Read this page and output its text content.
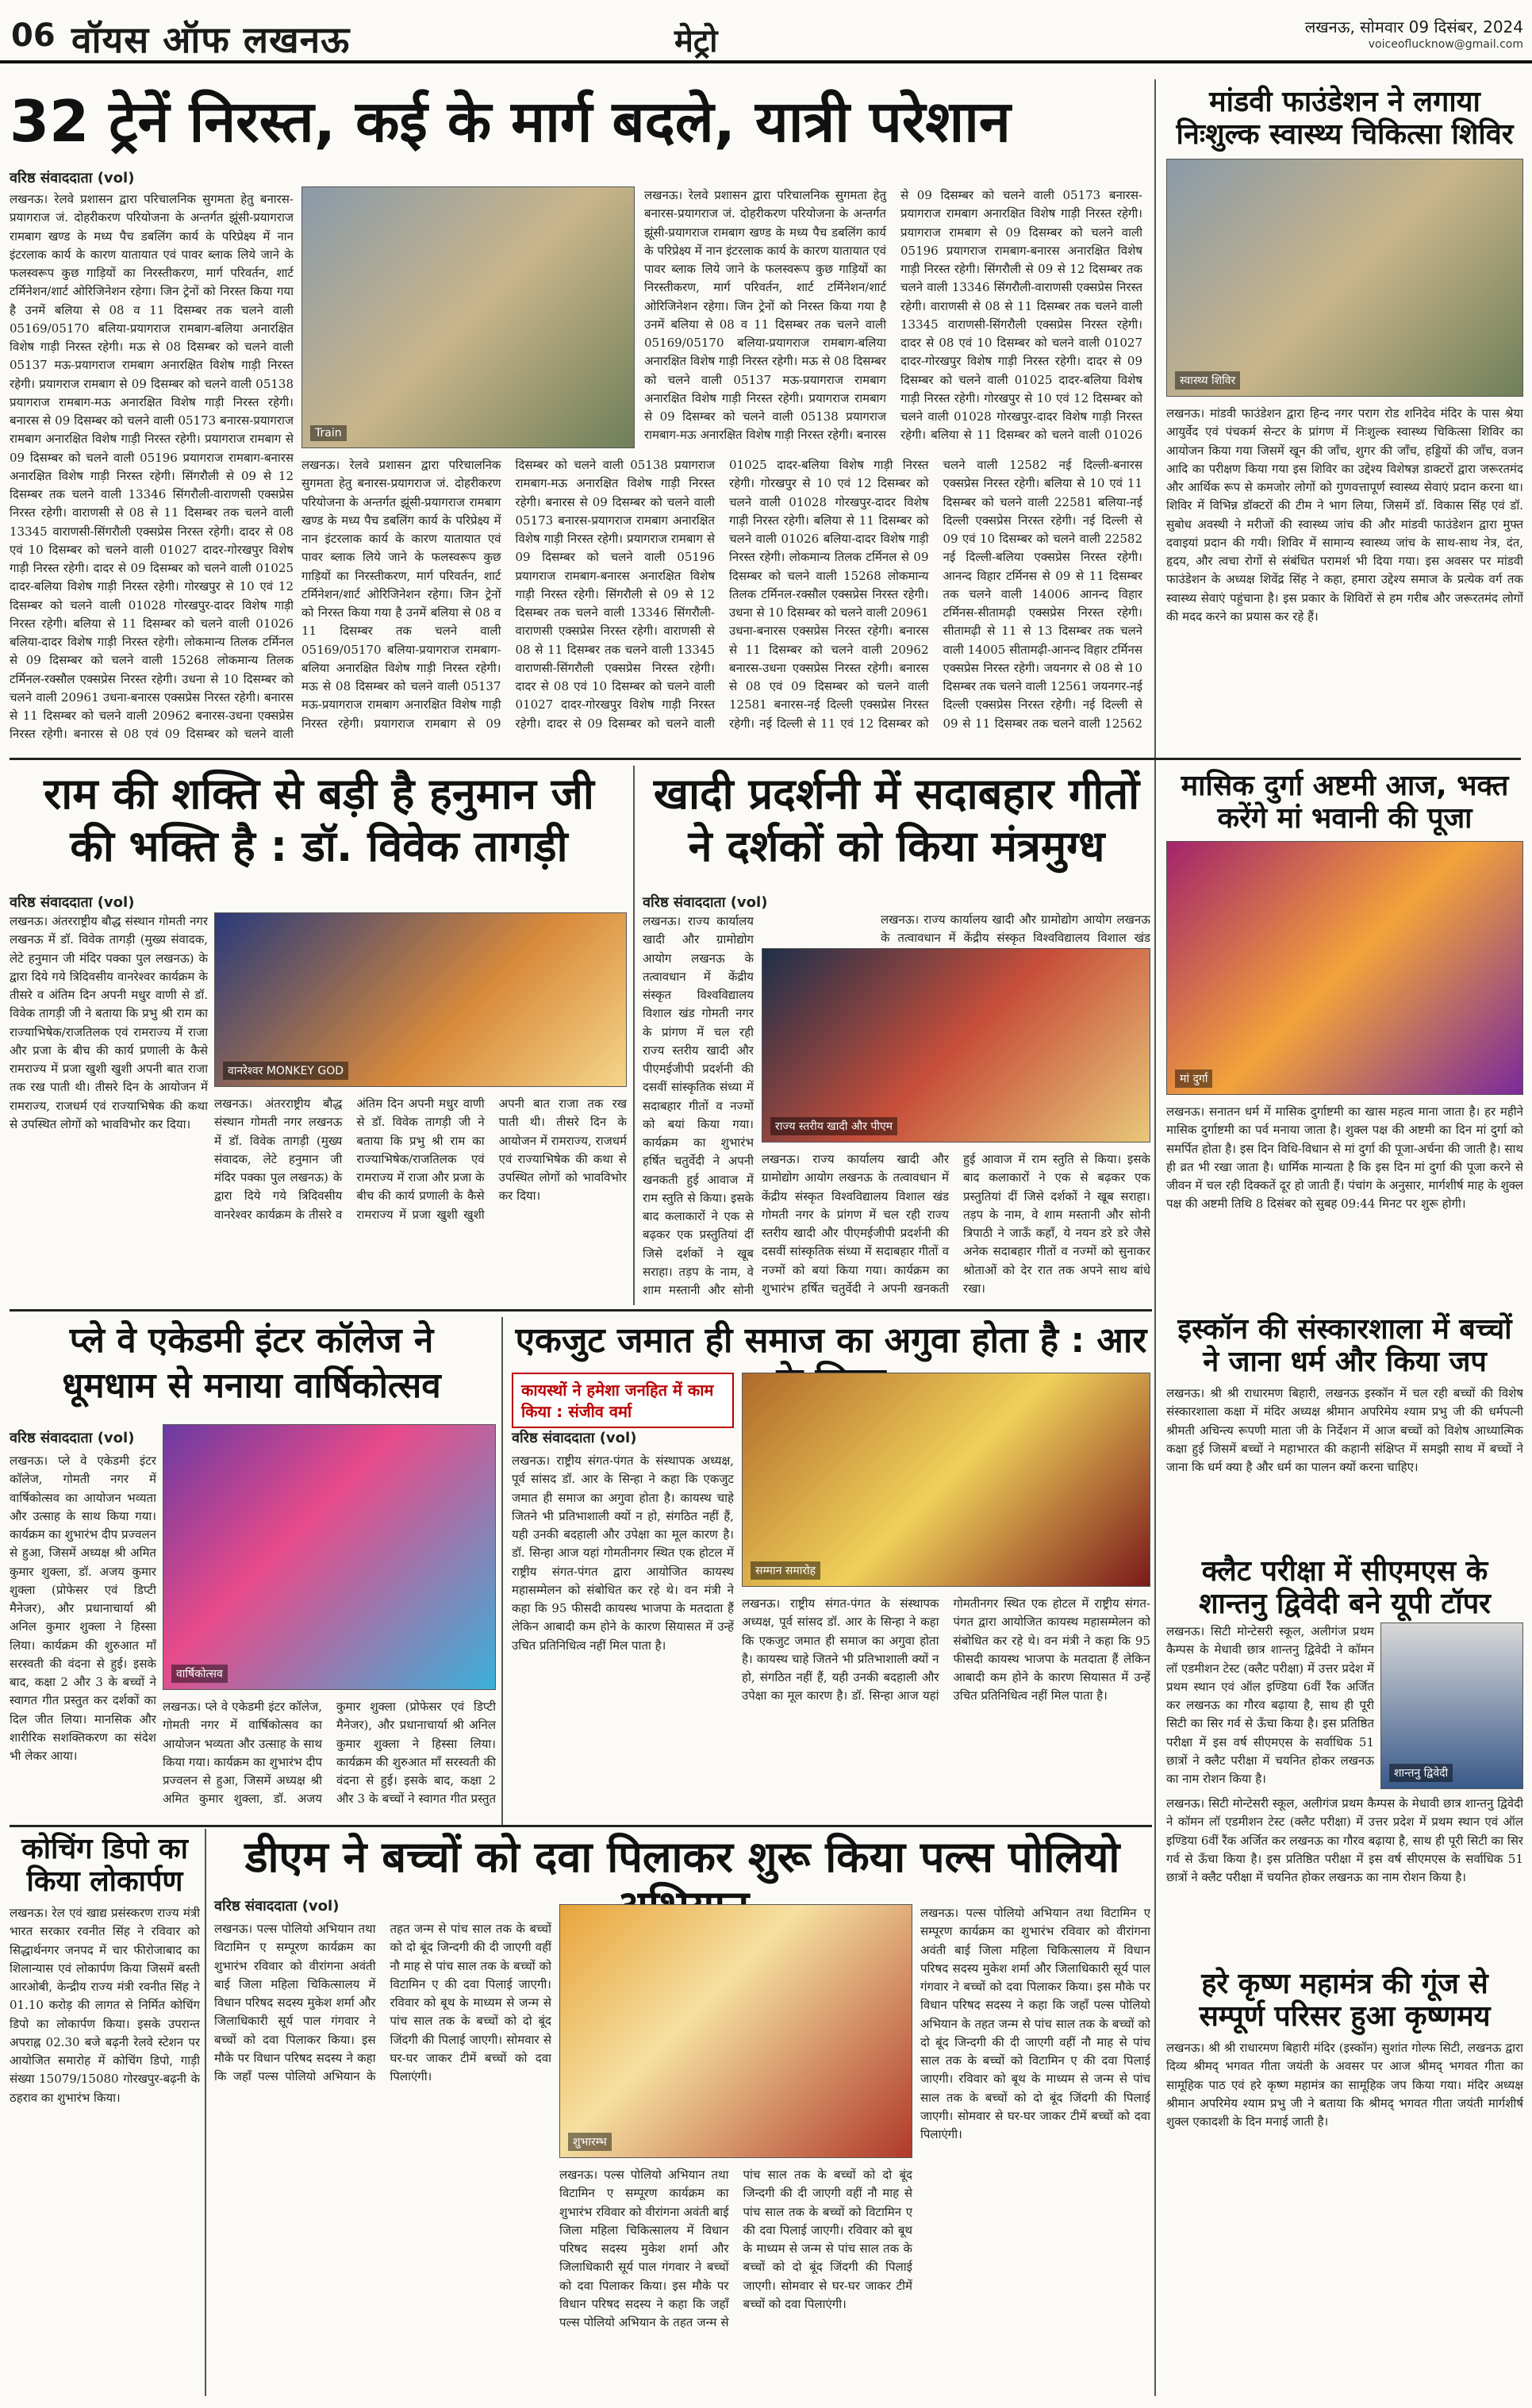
06 वॉयस ऑफ लखनऊ	मेट्रो	लखनऊ, सोमवार 09 दिसंबर, 2024
voiceoflucknow@gmail.com
32 ट्रेनें निरस्त, कई के मार्ग बदले, यात्री परेशान
वरिष्ठ संवाददाता (vol)
Train
लखनऊ। रेलवे प्रशासन द्वारा परिचालनिक सुगमता हेतु बनारस-प्रयागराज जं. दोहरीकरण परियोजना के अन्तर्गत झूंसी-प्रयागराज रामबाग खण्ड के मध्य पैच डबलिंग कार्य के परिप्रेक्ष्य में नान इंटरलाक कार्य के कारण यातायात एवं पावर ब्लाक लिये जाने के फलस्वरूप कुछ गाड़ियों का निरस्तीकरण, मार्ग परिवर्तन, शार्ट टर्मिनेशन/शार्ट ओरिजिनेशन रहेगा। जिन ट्रेनों को निरस्त किया गया है उनमें बलिया से 08 व 11 दिसम्बर तक चलने वाली 05169/05170 बलिया-प्रयागराज रामबाग-बलिया अनारक्षित विशेष गाड़ी निरस्त रहेगी। मऊ से 08 दिसम्बर को चलने वाली 05137 मऊ-प्रयागराज रामबाग अनारक्षित विशेष गाड़ी निरस्त रहेगी। प्रयागराज रामबाग से 09 दिसम्बर को चलने वाली 05138 प्रयागराज रामबाग-मऊ अनारक्षित विशेष गाड़ी निरस्त रहेगी। बनारस से 09 दिसम्बर को चलने वाली 05173 बनारस-प्रयागराज रामबाग अनारक्षित विशेष गाड़ी निरस्त रहेगी। प्रयागराज रामबाग से 09 दिसम्बर को चलने वाली 05196 प्रयागराज रामबाग-बनारस अनारक्षित विशेष गाड़ी निरस्त रहेगी। सिंगरौली से 09 से 12 दिसम्बर तक चलने वाली 13346 सिंगरौली-वाराणसी एक्सप्रेस निरस्त रहेगी। वाराणसी से 08 से 11 दिसम्बर तक चलने वाली 13345 वाराणसी-सिंगरौली एक्सप्रेस निरस्त रहेगी। दादर से 08 एवं 10 दिसम्बर को चलने वाली 01027 दादर-गोरखपुर विशेष गाड़ी निरस्त रहेगी। दादर से 09 दिसम्बर को चलने वाली 01025 दादर-बलिया विशेष गाड़ी निरस्त रहेगी। गोरखपुर से 10 एवं 12 दिसम्बर को चलने वाली 01028 गोरखपुर-दादर विशेष गाड़ी निरस्त रहेगी। बलिया से 11 दिसम्बर को चलने वाली 01026 बलिया-दादर विशेष गाड़ी निरस्त रहेगी। लोकमान्य तिलक टर्मिनल से 09 दिसम्बर को चलने वाली 15268 लोकमान्य तिलक टर्मिनल-रक्सौल एक्सप्रेस निरस्त रहेगी। उधना से 10 दिसम्बर को चलने वाली 20961 उधना-बनारस एक्सप्रेस निरस्त रहेगी। बनारस से 11 दिसम्बर को चलने वाली 20962 बनारस-उधना एक्सप्रेस निरस्त रहेगी। बनारस से 08 एवं 09 दिसम्बर को चलने वाली
लखनऊ। रेलवे प्रशासन द्वारा परिचालनिक सुगमता हेतु बनारस-प्रयागराज जं. दोहरीकरण परियोजना के अन्तर्गत झूंसी-प्रयागराज रामबाग खण्ड के मध्य पैच डबलिंग कार्य के परिप्रेक्ष्य में नान इंटरलाक कार्य के कारण यातायात एवं पावर ब्लाक लिये जाने के फलस्वरूप कुछ गाड़ियों का निरस्तीकरण, मार्ग परिवर्तन, शार्ट टर्मिनेशन/शार्ट ओरिजिनेशन रहेगा। जिन ट्रेनों को निरस्त किया गया है उनमें बलिया से 08 व 11 दिसम्बर तक चलने वाली 05169/05170 बलिया-प्रयागराज रामबाग-बलिया अनारक्षित विशेष गाड़ी निरस्त रहेगी। मऊ से 08 दिसम्बर को चलने वाली 05137 मऊ-प्रयागराज रामबाग अनारक्षित विशेष गाड़ी निरस्त रहेगी। प्रयागराज रामबाग से 09 दिसम्बर को चलने वाली 05138 प्रयागराज रामबाग-मऊ अनारक्षित विशेष गाड़ी निरस्त रहेगी। बनारस से 09 दिसम्बर को चलने वाली 05173 बनारस-प्रयागराज रामबाग अनारक्षित विशेष गाड़ी निरस्त रहेगी। प्रयागराज रामबाग से 09 दिसम्बर को चलने वाली 05196 प्रयागराज रामबाग-बनारस अनारक्षित विशेष गाड़ी निरस्त रहेगी। सिंगरौली से 09 से 12 दिसम्बर तक चलने वाली 13346 सिंगरौली-वाराणसी एक्सप्रेस निरस्त रहेगी। वाराणसी से 08 से 11 दिसम्बर तक चलने वाली 13345 वाराणसी-सिंगरौली एक्सप्रेस निरस्त रहेगी। दादर से 08 एवं 10 दिसम्बर को चलने वाली 01027 दादर-गोरखपुर विशेष गाड़ी निरस्त रहेगी। दादर से 09 दिसम्बर को चलने वाली 01025 दादर-बलिया विशेष गाड़ी निरस्त रहेगी। गोरखपुर से 10 एवं 12 दिसम्बर को चलने वाली 01028 गोरखपुर-दादर विशेष गाड़ी निरस्त रहेगी। बलिया से 11 दिसम्बर को चलने वाली 01026 बलिया-दादर विशेष गाड़ी निरस्त रहेगी। लोकमान्य तिलक टर्मिनल से 09 दिसम्बर को चलने वाली 15268 लोकमान्य तिलक टर्मिनल-रक्सौल एक्सप्रेस निरस्त रहेगी। उधना से 10 दिसम्बर को चलने वाली 20961 उधना-बनारस एक्सप्रेस निरस्त रहेगी। बनारस से 11 दिसम्बर को चलने वाली 20962 बनारस-उधना एक्सप्रेस निरस्त रहेगी। बनारस से 08 एवं 09 दिसम्बर को चलने वाली 12581 बनारस-नई दिल्ली एक्सप्रेस निरस्त रहेगी। नई दिल्ली से 11 एवं 12 दिसम्बर को चलने वाली 12582 नई दिल्ली-बनारस एक्सप्रेस निरस्त रहेगी। बलिया से 10 एवं 11 दिसम्बर को चलने वाली 22581 बलिया-नई दिल्ली एक्सप्रेस निरस्त रहेगी। नई दिल्ली से 09 एवं 10 दिसम्बर को चलने वाली 22582 नई दिल्ली-बलिया एक्सप्रेस निरस्त रहेगी। आनन्द विहार टर्मिनस से 09 से 11 दिसम्बर तक चलने वाली 14006 आनन्द विहार टर्मिनस-सीतामढ़ी एक्सप्रेस निरस्त रहेगी। सीतामढ़ी से 11 से 13 दिसम्बर तक चलने वाली 14005 सीतामढ़ी-आनन्द विहार टर्मिनस एक्सप्रेस निरस्त रहेगी। जयनगर से 08 से 10 दिसम्बर तक चलने वाली 12561 जयनगर-नई दिल्ली एक्सप्रेस निरस्त रहेगी। नई दिल्ली से 09 से 11 दिसम्बर तक चलने वाली 12562
लखनऊ। रेलवे प्रशासन द्वारा परिचालनिक सुगमता हेतु बनारस-प्रयागराज जं. दोहरीकरण परियोजना के अन्तर्गत झूंसी-प्रयागराज रामबाग खण्ड के मध्य पैच डबलिंग कार्य के परिप्रेक्ष्य में नान इंटरलाक कार्य के कारण यातायात एवं पावर ब्लाक लिये जाने के फलस्वरूप कुछ गाड़ियों का निरस्तीकरण, मार्ग परिवर्तन, शार्ट टर्मिनेशन/शार्ट ओरिजिनेशन रहेगा। जिन ट्रेनों को निरस्त किया गया है उनमें बलिया से 08 व 11 दिसम्बर तक चलने वाली 05169/05170 बलिया-प्रयागराज रामबाग-बलिया अनारक्षित विशेष गाड़ी निरस्त रहेगी। मऊ से 08 दिसम्बर को चलने वाली 05137 मऊ-प्रयागराज रामबाग अनारक्षित विशेष गाड़ी निरस्त रहेगी। प्रयागराज रामबाग से 09 दिसम्बर को चलने वाली 05138 प्रयागराज रामबाग-मऊ अनारक्षित विशेष गाड़ी निरस्त रहेगी। बनारस से 09 दिसम्बर को चलने वाली 05173 बनारस-प्रयागराज रामबाग अनारक्षित विशेष गाड़ी निरस्त रहेगी। प्रयागराज रामबाग से 09 दिसम्बर को चलने वाली 05196 प्रयागराज रामबाग-बनारस अनारक्षित विशेष गाड़ी निरस्त रहेगी। सिंगरौली से 09 से 12 दिसम्बर तक चलने वाली 13346 सिंगरौली-वाराणसी एक्सप्रेस निरस्त रहेगी। वाराणसी से 08 से 11 दिसम्बर तक चलने वाली 13345 वाराणसी-सिंगरौली एक्सप्रेस निरस्त रहेगी। दादर से 08 एवं 10 दिसम्बर को चलने वाली 01027 दादर-गोरखपुर विशेष गाड़ी निरस्त रहेगी। दादर से 09 दिसम्बर को चलने वाली 01025 दादर-बलिया विशेष गाड़ी निरस्त रहेगी। गोरखपुर से 10 एवं 12 दिसम्बर को चलने वाली 01028 गोरखपुर-दादर विशेष गाड़ी निरस्त रहेगी। बलिया से 11 दिसम्बर को चलने वाली 01026
मांडवी फाउंडेशन ने लगाया निःशुल्क स्वास्थ्य चिकित्सा शिविर
स्वास्थ्य शिविर
लखनऊ। मांडवी फाउंडेशन द्वारा हिन्द नगर पराग रोड शनिदेव मंदिर के पास श्रेया आयुर्वेद एवं पंचकर्म सेन्टर के प्रांगण में निःशुल्क स्वास्थ्य चिकित्सा शिविर का आयोजन किया गया जिसमें खून की जाँच, शुगर की जाँच, हड्डियों की जाँच, वजन आदि का परीक्षण किया गया इस शिविर का उद्देश्य विशेषज्ञ डाक्टरों द्वारा जरूरतमंद और आर्थिक रूप से कमजोर लोगों को गुणवत्तापूर्ण स्वास्थ्य सेवाएं प्रदान करना था। शिविर में विभिन्न डॉक्टरों की टीम ने भाग लिया, जिसमें डॉ. विकास सिंह एवं डॉ. सुबोध अवस्थी ने मरीजों की स्वास्थ्य जांच की और मांडवी फाउंडेशन द्वारा मुफ्त दवाइयां प्रदान की गयी। शिविर में सामान्य स्वास्थ्य जांच के साथ-साथ नेत्र, दंत, हृदय, और त्वचा रोगों से संबंधित परामर्श भी दिया गया। इस अवसर पर मांडवी फाउंडेशन के अध्यक्ष शिवेंद्र सिंह ने कहा, हमारा उद्देश्य समाज के प्रत्येक वर्ग तक स्वास्थ्य सेवाएं पहुंचाना है। इस प्रकार के शिविरों से हम गरीब और जरूरतमंद लोगों की मदद करने का प्रयास कर रहे हैं।
मासिक दुर्गा अष्टमी आज, भक्त करेंगे मां भवानी की पूजा
मां दुर्गा
लखनऊ। सनातन धर्म में मासिक दुर्गाष्टमी का खास महत्व माना जाता है। हर महीने मासिक दुर्गाष्टमी का पर्व मनाया जाता है। शुक्ल पक्ष की अष्टमी का दिन मां दुर्गा को समर्पित होता है। इस दिन विधि-विधान से मां दुर्गा की पूजा-अर्चना की जाती है। साथ ही व्रत भी रखा जाता है। धार्मिक मान्यता है कि इस दिन मां दुर्गा की पूजा करने से जीवन में चल रही दिक्कतें दूर हो जाती हैं। पंचांग के अनुसार, मार्गशीर्ष माह के शुक्ल पक्ष की अष्टमी तिथि 8 दिसंबर को सुबह 09:44 मिनट पर शुरू होगी।
राम की शक्ति से बड़ी है हनुमान जी
की भक्ति है : डॉ. विवेक तागड़ी
वरिष्ठ संवाददाता (vol)
वानरेश्वर MONKEY GOD
लखनऊ। अंतरराष्ट्रीय बौद्ध संस्थान गोमती नगर लखनऊ में डॉ. विवेक तागड़ी (मुख्य संवादक, लेटे हनुमान जी मंदिर पक्का पुल लखनऊ) के द्वारा दिये गये त्रिदिवसीय वानरेश्वर कार्यक्रम के तीसरे व अंतिम दिन अपनी मधुर वाणी से डॉ. विवेक तागड़ी जी ने बताया कि प्रभु श्री राम का राज्याभिषेक/राजतिलक एवं रामराज्य में राजा और प्रजा के बीच की कार्य प्रणाली के कैसे रामराज्य में प्रजा खुशी खुशी अपनी बात राजा तक रख पाती थी। तीसरे दिन के आयोजन में रामराज्य, राजधर्म एवं राज्याभिषेक की कथा से उपस्थित लोगों को भावविभोर कर दिया।
लखनऊ। अंतरराष्ट्रीय बौद्ध संस्थान गोमती नगर लखनऊ में डॉ. विवेक तागड़ी (मुख्य संवादक, लेटे हनुमान जी मंदिर पक्का पुल लखनऊ) के द्वारा दिये गये त्रिदिवसीय वानरेश्वर कार्यक्रम के तीसरे व अंतिम दिन अपनी मधुर वाणी से डॉ. विवेक तागड़ी जी ने बताया कि प्रभु श्री राम का राज्याभिषेक/राजतिलक एवं रामराज्य में राजा और प्रजा के बीच की कार्य प्रणाली के कैसे रामराज्य में प्रजा खुशी खुशी अपनी बात राजा तक रख पाती थी। तीसरे दिन के आयोजन में रामराज्य, राजधर्म एवं राज्याभिषेक की कथा से उपस्थित लोगों को भावविभोर कर दिया।
खादी प्रदर्शनी में सदाबहार गीतों
ने दर्शकों को किया मंत्रमुग्ध
वरिष्ठ संवाददाता (vol)
राज्य स्तरीय खादी और पीएम
लखनऊ। राज्य कार्यालय खादी और ग्रामोद्योग आयोग लखनऊ के तत्वावधान में केंद्रीय संस्कृत विश्वविद्यालय विशाल खंड गोमती नगर के प्रांगण में चल रही राज्य स्तरीय खादी और पीएमईजीपी प्रदर्शनी की दसवीं सांस्कृतिक संध्या में सदाबहार गीतों व नज्मों को बयां किया गया। कार्यक्रम का शुभारंभ हर्षित चतुर्वेदी ने अपनी खनकती हुई आवाज में राम स्तुति से किया। इसके बाद कलाकारों ने एक से बढ़कर एक प्रस्तुतियां दीं जिसे दर्शकों ने खूब सराहा। तड़प के नाम, वे शाम मस्तानी और सोनी
लखनऊ। राज्य कार्यालय खादी और ग्रामोद्योग आयोग लखनऊ के तत्वावधान में केंद्रीय संस्कृत विश्वविद्यालय विशाल खंड
लखनऊ। राज्य कार्यालय खादी और ग्रामोद्योग आयोग लखनऊ के तत्वावधान में केंद्रीय संस्कृत विश्वविद्यालय विशाल खंड गोमती नगर के प्रांगण में चल रही राज्य स्तरीय खादी और पीएमईजीपी प्रदर्शनी की दसवीं सांस्कृतिक संध्या में सदाबहार गीतों व नज्मों को बयां किया गया। कार्यक्रम का शुभारंभ हर्षित चतुर्वेदी ने अपनी खनकती हुई आवाज में राम स्तुति से किया। इसके बाद कलाकारों ने एक से बढ़कर एक प्रस्तुतियां दीं जिसे दर्शकों ने खूब सराहा। तड़प के नाम, वे शाम मस्तानी और सोनी त्रिपाठी ने जाऊँ कहाँ, ये नयन डरे डरे जैसे अनेक सदाबहार गीतों व नज्मों को सुनाकर श्रोताओं को देर रात तक अपने साथ बांधे रखा।
इस्कॉन की संस्कारशाला में बच्चों ने जाना धर्म और किया जप
लखनऊ। श्री श्री राधारमण बिहारी, लखनऊ इस्कॉन में चल रही बच्चों की विशेष संस्कारशाला कक्षा में मंदिर अध्यक्ष श्रीमान अपरिमेय श्याम प्रभु जी की धर्मपत्नी श्रीमती अचिन्त्य रूपणी माता जी के निर्देशन में आज बच्चों को विशेष आध्यात्मिक कक्षा हुई जिसमें बच्चों ने महाभारत की कहानी संक्षिप्त में समझी साथ में बच्चों ने जाना कि धर्म क्या है और धर्म का पालन क्यों करना चाहिए।
क्लैट परीक्षा में सीएमएस के शान्तनु द्विवेदी बने यूपी टॉपर
शान्तनु द्विवेदी
लखनऊ। सिटी मोन्टेसरी स्कूल, अलीगंज प्रथम कैम्पस के मेधावी छात्र शान्तनु द्विवेदी ने कॉमन लॉ एडमीशन टेस्ट (क्लैट परीक्षा) में उत्तर प्रदेश में प्रथम स्थान एवं ऑल इण्डिया 6वीं रैंक अर्जित कर लखनऊ का गौरव बढ़ाया है, साथ ही पूरी सिटी का सिर गर्व से ऊँचा किया है। इस प्रतिष्ठित परीक्षा में इस वर्ष सीएमएस के सर्वाधिक 51 छात्रों ने क्लैट परीक्षा में चयनित होकर लखनऊ का नाम रोशन किया है।
लखनऊ। सिटी मोन्टेसरी स्कूल, अलीगंज प्रथम कैम्पस के मेधावी छात्र शान्तनु द्विवेदी ने कॉमन लॉ एडमीशन टेस्ट (क्लैट परीक्षा) में उत्तर प्रदेश में प्रथम स्थान एवं ऑल इण्डिया 6वीं रैंक अर्जित कर लखनऊ का गौरव बढ़ाया है, साथ ही पूरी सिटी का सिर गर्व से ऊँचा किया है। इस प्रतिष्ठित परीक्षा में इस वर्ष सीएमएस के सर्वाधिक 51 छात्रों ने क्लैट परीक्षा में चयनित होकर लखनऊ का नाम रोशन किया है।
हरे कृष्ण महामंत्र की गूंज से सम्पूर्ण परिसर हुआ कृष्णमय
लखनऊ। श्री श्री राधारमण बिहारी मंदिर (इस्कॉन) सुशांत गोल्फ सिटी, लखनऊ द्वारा दिव्य श्रीमद् भगवत गीता जयंती के अवसर पर आज श्रीमद् भगवत गीता का सामूहिक पाठ एवं हरे कृष्ण महामंत्र का सामूहिक जप किया गया। मंदिर अध्यक्ष श्रीमान अपरिमेय श्याम प्रभु जी ने बताया कि श्रीमद् भगवत गीता जयंती मार्गशीर्ष शुक्ल एकादशी के दिन मनाई जाती है।
प्ले वे एकेडमी इंटर कॉलेज ने
धूमधाम से मनाया वार्षिकोत्सव
वरिष्ठ संवाददाता (vol)
वार्षिकोत्सव
लखनऊ। प्ले वे एकेडमी इंटर कॉलेज, गोमती नगर में वार्षिकोत्सव का आयोजन भव्यता और उत्साह के साथ किया गया। कार्यक्रम का शुभारंभ दीप प्रज्वलन से हुआ, जिसमें अध्यक्ष श्री अमित कुमार शुक्ला, डॉ. अजय कुमार शुक्ला (प्रोफेसर एवं डिप्टी मैनेजर), और प्रधानाचार्या श्री अनिल कुमार शुक्ला ने हिस्सा लिया। कार्यक्रम की शुरुआत माँ सरस्वती की वंदना से हुई। इसके बाद, कक्षा 2 और 3 के बच्चों ने स्वागत गीत प्रस्तुत कर दर्शकों का दिल जीत लिया। मानसिक और शारीरिक सशक्तिकरण का संदेश भी लेकर आया।
लखनऊ। प्ले वे एकेडमी इंटर कॉलेज, गोमती नगर में वार्षिकोत्सव का आयोजन भव्यता और उत्साह के साथ किया गया। कार्यक्रम का शुभारंभ दीप प्रज्वलन से हुआ, जिसमें अध्यक्ष श्री अमित कुमार शुक्ला, डॉ. अजय कुमार शुक्ला (प्रोफेसर एवं डिप्टी मैनेजर), और प्रधानाचार्या श्री अनिल कुमार शुक्ला ने हिस्सा लिया। कार्यक्रम की शुरुआत माँ सरस्वती की वंदना से हुई। इसके बाद, कक्षा 2 और 3 के बच्चों ने स्वागत गीत प्रस्तुत
एकजुट जमात ही समाज का अगुवा होता है : आर
कायस्थों ने हमेशा जनहित में काम किया : संजीव वर्मा
वरिष्ठ संवाददाता (vol)
सम्मान समारोह
लखनऊ। राष्ट्रीय संगत-पंगत के संस्थापक अध्यक्ष, पूर्व सांसद डॉ. आर के सिन्हा ने कहा कि एकजुट जमात ही समाज का अगुवा होता है। कायस्थ चाहे जितने भी प्रतिभाशाली क्यों न हो, संगठित नहीं हैं, यही उनकी बदहाली और उपेक्षा का मूल कारण है। डॉ. सिन्हा आज यहां गोमतीनगर स्थित एक होटल में राष्ट्रीय संगत-पंगत द्वारा आयोजित कायस्थ महासम्मेलन को संबोधित कर रहे थे। वन मंत्री ने कहा कि 95 फीसदी कायस्थ भाजपा के मतदाता हैं लेकिन आबादी कम होने के कारण सियासत में उन्हें उचित प्रतिनिधित्व नहीं मिल पाता है।
लखनऊ। राष्ट्रीय संगत-पंगत के संस्थापक अध्यक्ष, पूर्व सांसद डॉ. आर के सिन्हा ने कहा कि एकजुट जमात ही समाज का अगुवा होता है। कायस्थ चाहे जितने भी प्रतिभाशाली क्यों न हो, संगठित नहीं हैं, यही उनकी बदहाली और उपेक्षा का मूल कारण है। डॉ. सिन्हा आज यहां गोमतीनगर स्थित एक होटल में राष्ट्रीय संगत-पंगत द्वारा आयोजित कायस्थ महासम्मेलन को संबोधित कर रहे थे। वन मंत्री ने कहा कि 95 फीसदी कायस्थ भाजपा के मतदाता हैं लेकिन आबादी कम होने के कारण सियासत में उन्हें उचित प्रतिनिधित्व नहीं मिल पाता है।
कोचिंग डिपो का किया लोकार्पण
लखनऊ। रेल एवं खाद्य प्रसंस्करण राज्य मंत्री भारत सरकार रवनीत सिंह ने रविवार को सिद्धार्थनगर जनपद में चार फीरोजाबाद का शिलान्यास एवं लोकार्पण किया जिसमें बस्ती आरओबी, केन्द्रीय राज्य मंत्री रवनीत सिंह ने 01.10 करोड़ की लागत से निर्मित कोचिंग डिपो का लोकार्पण किया। इसके उपरान्त अपराह्न 02.30 बजे बढ़नी रेलवे स्टेशन पर आयोजित समारोह में कोचिंग डिपो, गाड़ी संख्या 15079/15080 गोरखपुर-बढ़नी के ठहराव का शुभारंभ किया।
डीएम ने बच्चों को दवा पिलाकर शुरू किया पल्स पोलियो
वरिष्ठ संवाददाता (vol)
शुभारम्भ
लखनऊ। पल्स पोलियो अभियान तथा विटामिन ए सम्पूरण कार्यक्रम का शुभारंभ रविवार को वीरांगना अवंती बाई जिला महिला चिकित्सालय में विधान परिषद सदस्य मुकेश शर्मा और जिलाधिकारी सूर्य पाल गंगवार ने बच्चों को दवा पिलाकर किया। इस मौके पर विधान परिषद सदस्य ने कहा कि जहाँ पल्स पोलियो अभियान के तहत जन्म से पांच साल तक के बच्चों को दो बूंद जिन्दगी की दी जाएगी वहीं नौ माह से पांच साल तक के बच्चों को विटामिन ए की दवा पिलाई जाएगी। रविवार को बूथ के माध्यम से जन्म से पांच साल तक के बच्चों को दो बूंद जिंदगी की पिलाई जाएगी। सोमवार से घर-घर जाकर टीमें बच्चों को दवा पिलाएंगी।
लखनऊ। पल्स पोलियो अभियान तथा विटामिन ए सम्पूरण कार्यक्रम का शुभारंभ रविवार को वीरांगना अवंती बाई जिला महिला चिकित्सालय में विधान परिषद सदस्य मुकेश शर्मा और जिलाधिकारी सूर्य पाल गंगवार ने बच्चों को दवा पिलाकर किया। इस मौके पर विधान परिषद सदस्य ने कहा कि जहाँ पल्स पोलियो अभियान के तहत जन्म से पांच साल तक के बच्चों को दो बूंद जिन्दगी की दी जाएगी वहीं नौ माह से पांच साल तक के बच्चों को विटामिन ए की दवा पिलाई जाएगी। रविवार को बूथ के माध्यम से जन्म से पांच साल तक के बच्चों को दो बूंद जिंदगी की पिलाई जाएगी। सोमवार से घर-घर जाकर टीमें बच्चों को दवा पिलाएंगी।
लखनऊ। पल्स पोलियो अभियान तथा विटामिन ए सम्पूरण कार्यक्रम का शुभारंभ रविवार को वीरांगना अवंती बाई जिला महिला चिकित्सालय में विधान परिषद सदस्य मुकेश शर्मा और जिलाधिकारी सूर्य पाल गंगवार ने बच्चों को दवा पिलाकर किया। इस मौके पर विधान परिषद सदस्य ने कहा कि जहाँ पल्स पोलियो अभियान के तहत जन्म से पांच साल तक के बच्चों को दो बूंद जिन्दगी की दी जाएगी वहीं नौ माह से पांच साल तक के बच्चों को विटामिन ए की दवा पिलाई जाएगी। रविवार को बूथ के माध्यम से जन्म से पांच साल तक के बच्चों को दो बूंद जिंदगी की पिलाई जाएगी। सोमवार से घर-घर जाकर टीमें बच्चों को दवा पिलाएंगी।
